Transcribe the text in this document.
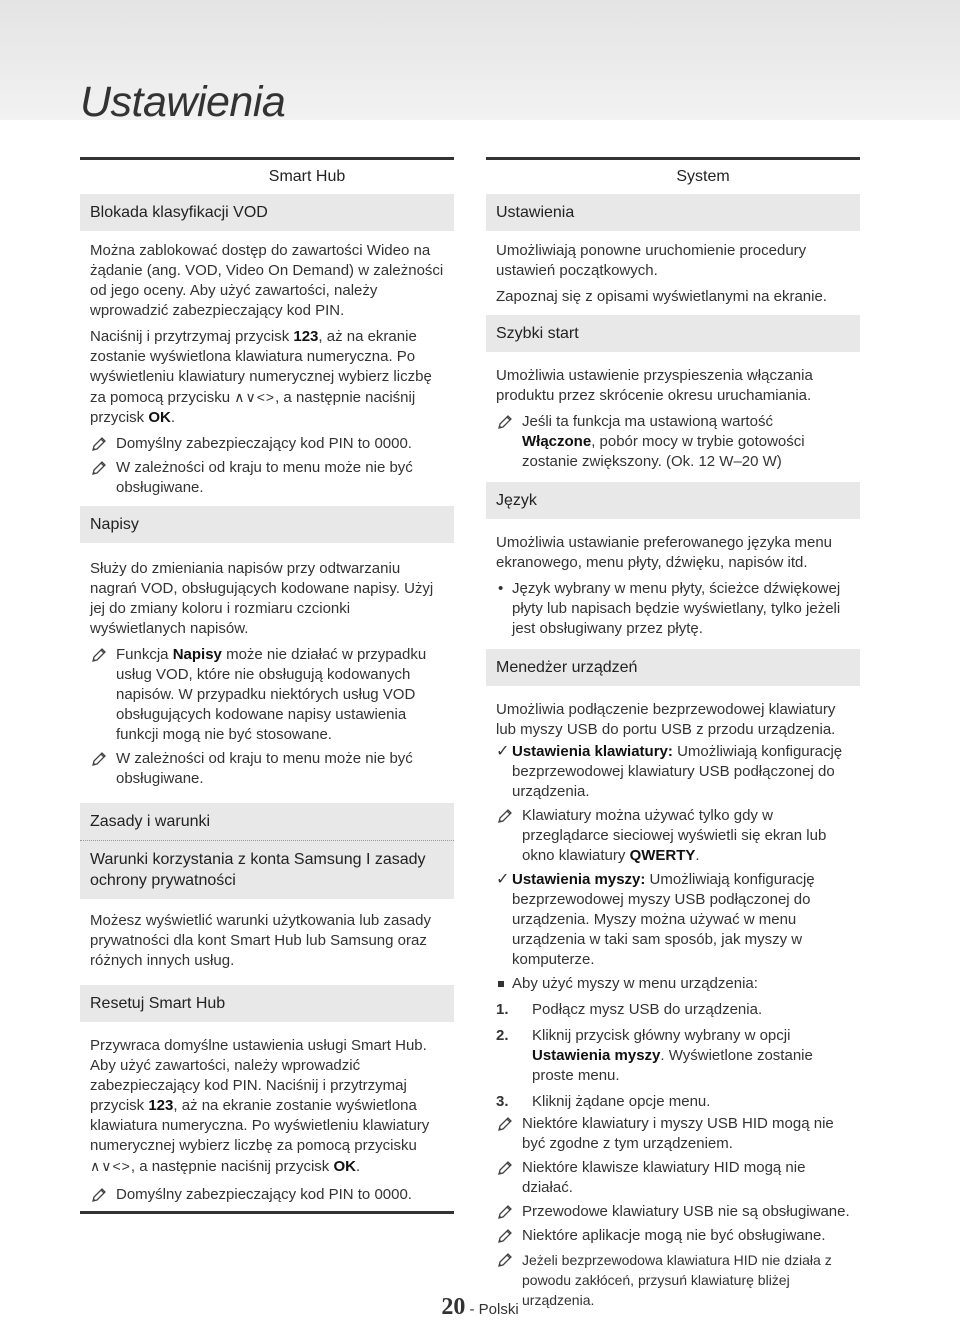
Ustawienia
Smart Hub
Blokada klasyfikacji VOD
Można zablokować dostęp do zawartości Wideo na żądanie (ang. VOD, Video On Demand) w zależności od jego oceny. Aby użyć zawartości, należy wprowadzić zabezpieczający kod PIN.
Naciśnij i przytrzymaj przycisk 123, aż na ekranie zostanie wyświetlona klawiatura numeryczna. Po wyświetleniu klawiatury numerycznej wybierz liczbę za pomocą przycisku ∧∨<>, a następnie naciśnij przycisk OK.
Domyślny zabezpieczający kod PIN to 0000.
W zależności od kraju to menu może nie być obsługiwane.
Napisy
Służy do zmieniania napisów przy odtwarzaniu nagrań VOD, obsługujących kodowane napisy. Użyj jej do zmiany koloru i rozmiaru czcionki wyświetlanych napisów.
Funkcja Napisy może nie działać w przypadku usług VOD, które nie obsługują kodowanych napisów. W przypadku niektórych usług VOD obsługujących kodowane napisy ustawienia funkcji mogą nie być stosowane.
W zależności od kraju to menu może nie być obsługiwane.
Zasady i warunki
Warunki korzystania z konta Samsung I zasady ochrony prywatności
Możesz wyświetlić warunki użytkowania lub zasady prywatności dla kont Smart Hub lub Samsung oraz różnych innych usług.
Resetuj Smart Hub
Przywraca domyślne ustawienia usługi Smart Hub. Aby użyć zawartości, należy wprowadzić zabezpieczający kod PIN. Naciśnij i przytrzymaj przycisk 123, aż na ekranie zostanie wyświetlona klawiatura numeryczna. Po wyświetleniu klawiatury numerycznej wybierz liczbę za pomocą przycisku ∧∨<>, a następnie naciśnij przycisk OK.
Domyślny zabezpieczający kod PIN to 0000.
System
Ustawienia
Umożliwiają ponowne uruchomienie procedury ustawień początkowych.
Zapoznaj się z opisami wyświetlanymi na ekranie.
Szybki start
Umożliwia ustawienie przyspieszenia włączania produktu przez skrócenie okresu uruchamiania.
Jeśli ta funkcja ma ustawioną wartość Włączone, pobór mocy w trybie gotowości zostanie zwiększony. (Ok. 12 W–20 W)
Język
Umożliwia ustawianie preferowanego języka menu ekranowego, menu płyty, dźwięku, napisów itd.
• Język wybrany w menu płyty, ścieżce dźwiękowej płyty lub napisach będzie wyświetlany, tylko jeżeli jest obsługiwany przez płytę.
Menedżer urządzeń
Umożliwia podłączenie bezprzewodowej klawiatury lub myszy USB do portu USB z przodu urządzenia.
✓ Ustawienia klawiatury: Umożliwiają konfigurację bezprzewodowej klawiatury USB podłączonej do urządzenia.
Klawiatury można używać tylko gdy w przeglądarce sieciowej wyświetli się ekran lub okno klawiatury QWERTY.
✓ Ustawienia myszy: Umożliwiają konfigurację bezprzewodowej myszy USB podłączonej do urządzenia. Myszy można używać w menu urządzenia w taki sam sposób, jak myszy w komputerze.
Aby użyć myszy w menu urządzenia:
1. Podłącz mysz USB do urządzenia.
2. Kliknij przycisk główny wybrany w opcji Ustawienia myszy. Wyświetlone zostanie proste menu.
3. Kliknij żądane opcje menu.
Niektóre klawiatury i myszy USB HID mogą nie być zgodne z tym urządzeniem.
Niektóre klawisze klawiatury HID mogą nie działać.
Przewodowe klawiatury USB nie są obsługiwane.
Niektóre aplikacje mogą nie być obsługiwane.
Jeżeli bezprzewodowa klawiatura HID nie działa z powodu zakłóceń, przysuń klawiaturę bliżej urządzenia.
20 - Polski
